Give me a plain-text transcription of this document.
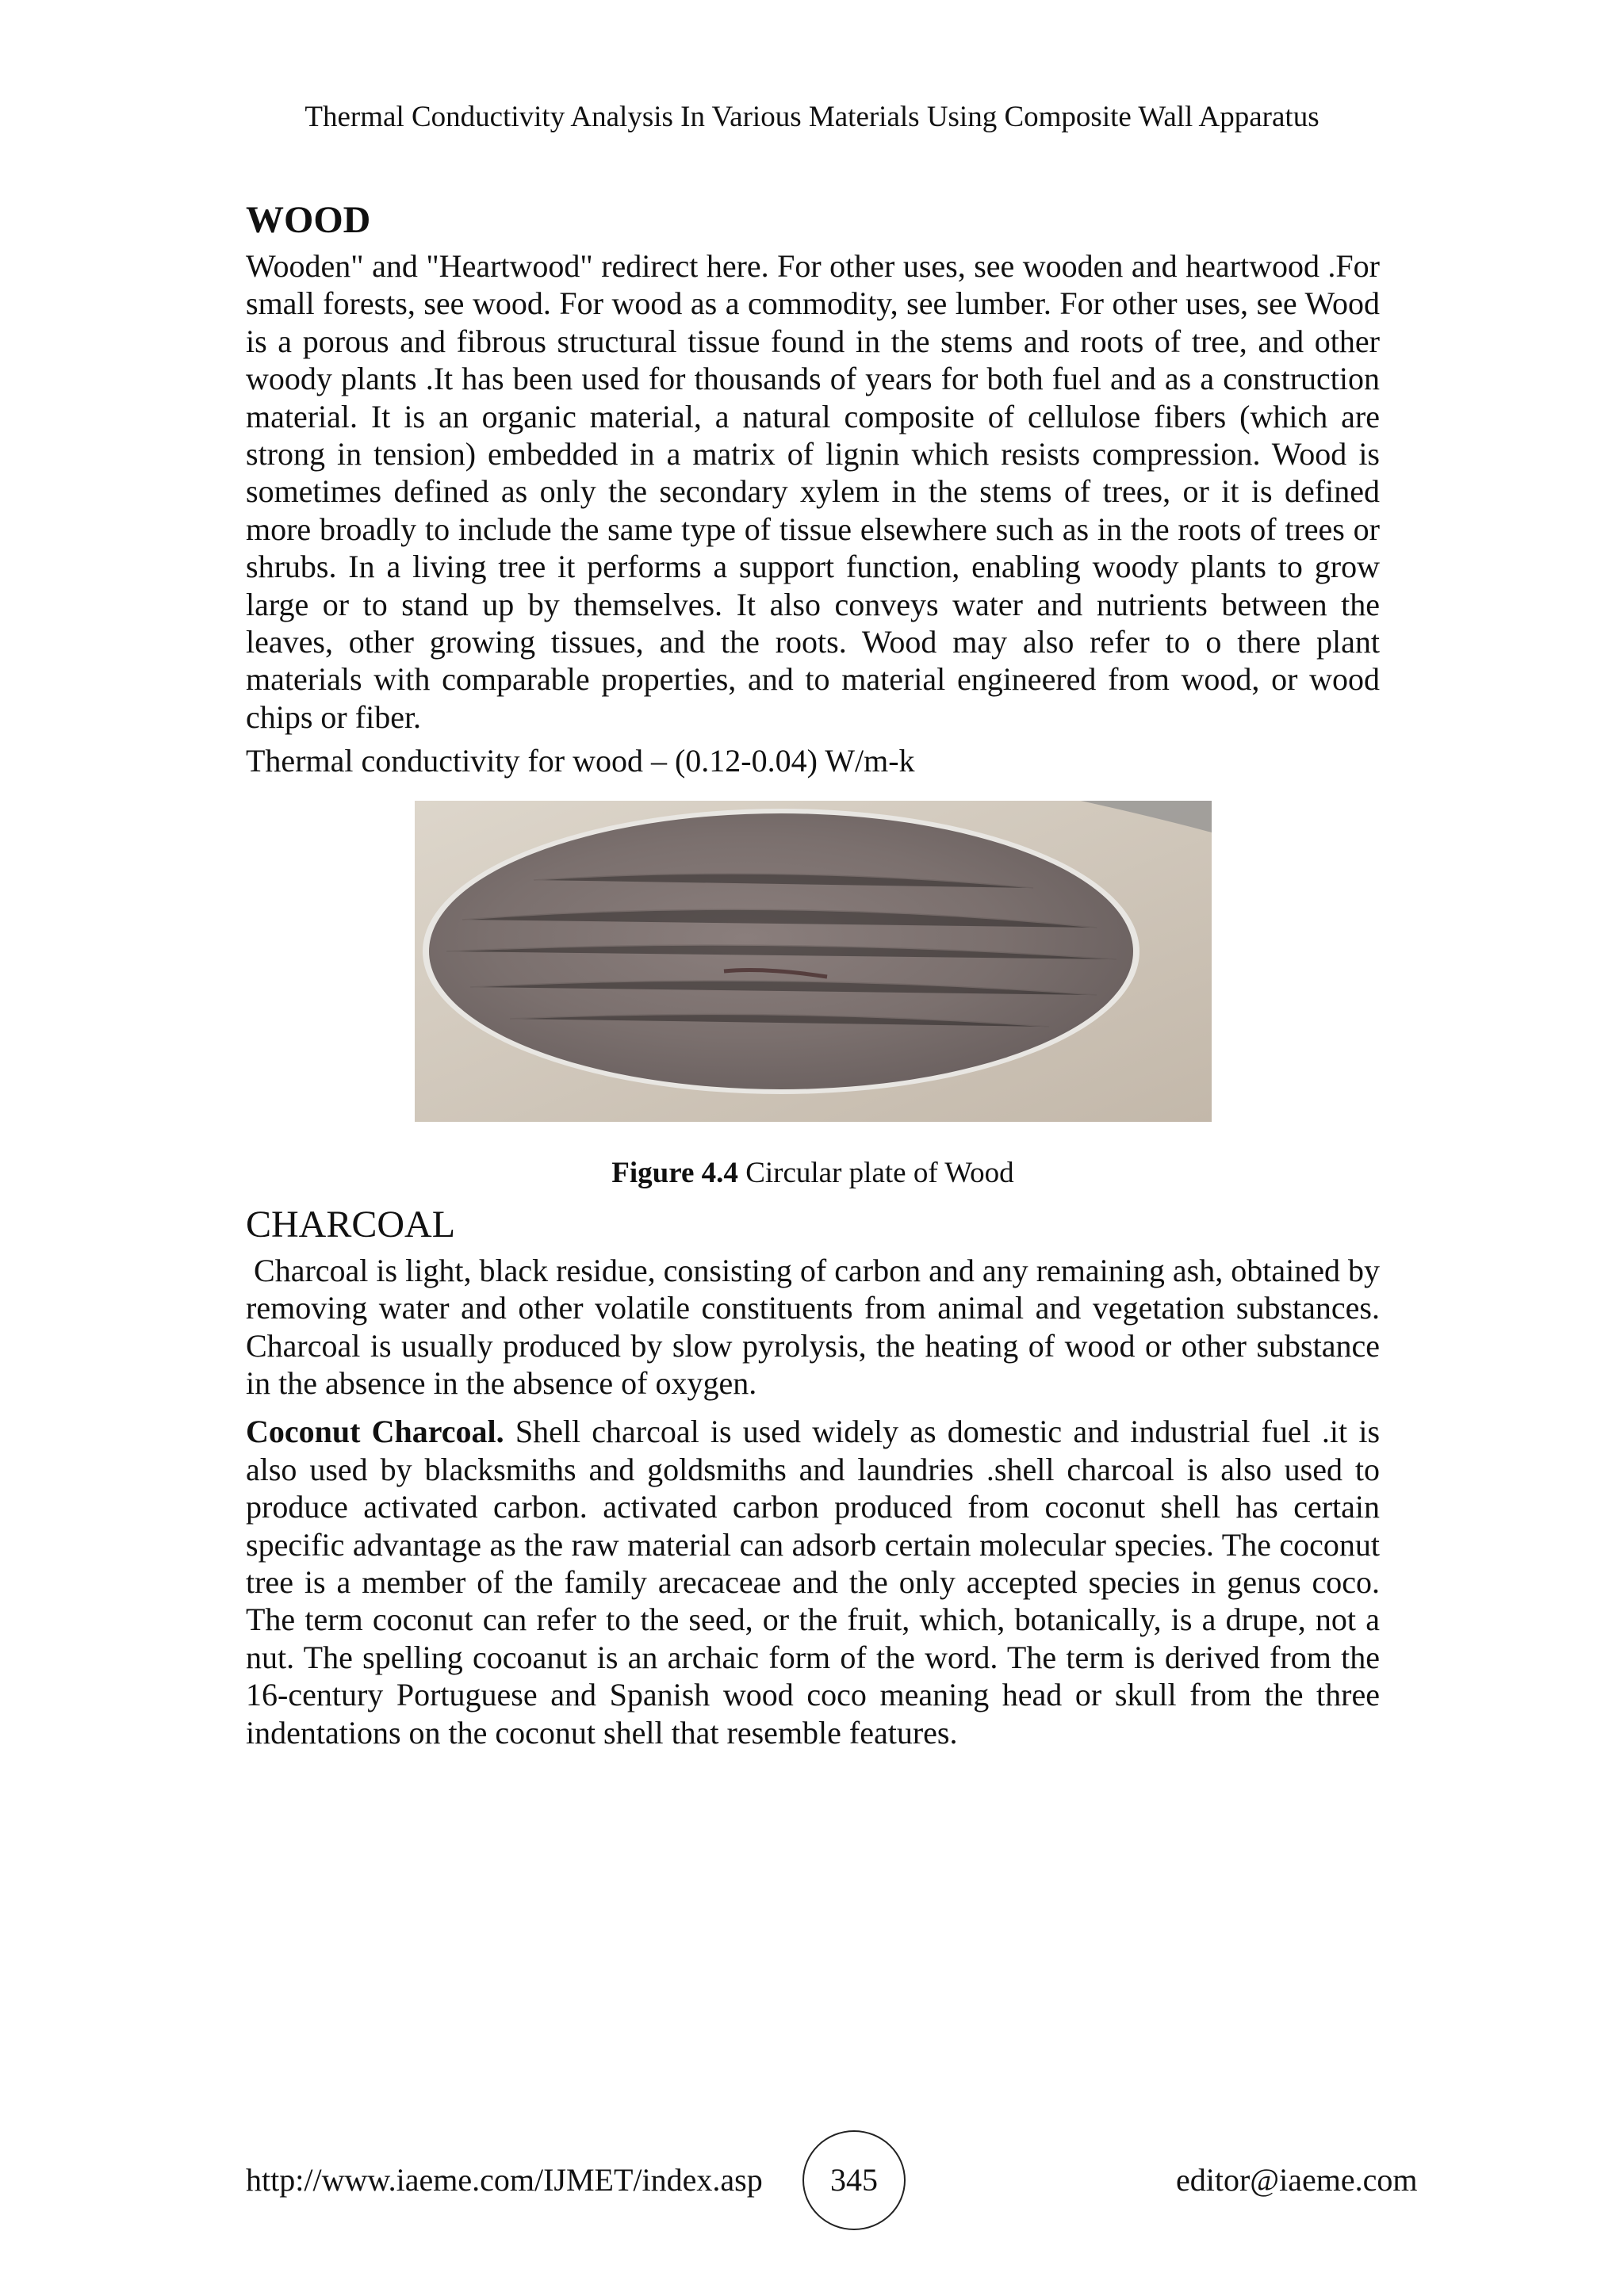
Thermal Conductivity Analysis In Various Materials Using Composite Wall Apparatus
WOOD

Wooden" and "Heartwood" redirect here. For other uses, see wooden and heartwood .For small forests, see wood. For wood as a commodity, see lumber. For other uses, see Wood is a porous and fibrous structural tissue found in the stems and roots of tree, and other woody plants .It has been used for thousands of years for both fuel and as a construction material. It is an organic material, a natural composite of cellulose fibers (which are strong in tension) embedded in a matrix of lignin which resists compression. Wood is sometimes defined as only the secondary xylem in the stems of trees, or it is defined more broadly to include the same type of tissue elsewhere such as in the roots of trees or shrubs. In a living tree it performs a support function, enabling woody plants to grow large or to stand up by themselves. It also conveys water and nutrients between the leaves, other growing tissues, and the roots. Wood may also refer to o there plant materials with comparable properties, and to material engineered from wood, or wood chips or fiber.

Thermal conductivity for wood – (0.12-0.04) W/m-k

Figure 4.4 Circular plate of Wood
CHARCOAL

Charcoal is light, black residue, consisting of carbon and any remaining ash, obtained by removing water and other volatile constituents from animal and vegetation substances. Charcoal is usually produced by slow pyrolysis, the heating of wood or other substance in the absence in the absence of oxygen.

Coconut Charcoal. Shell charcoal is used widely as domestic and industrial fuel .it is also used by blacksmiths and goldsmiths and laundries .shell charcoal is also used to produce activated carbon. activated carbon produced from coconut shell has certain specific advantage as the raw material can adsorb certain molecular species. The coconut tree is a member of the family arecaceae and the only accepted species in genus coco. The term coconut can refer to the seed, or the fruit, which, botanically, is a drupe, not a nut. The spelling cocoanut is an archaic form of the word. The term is derived from the 16-century Portuguese and Spanish wood coco meaning head or skull from the three indentations on the coconut shell that resemble features.

http://www.iaeme.com/IJMET/index.asp	345	editor@iaeme.com
